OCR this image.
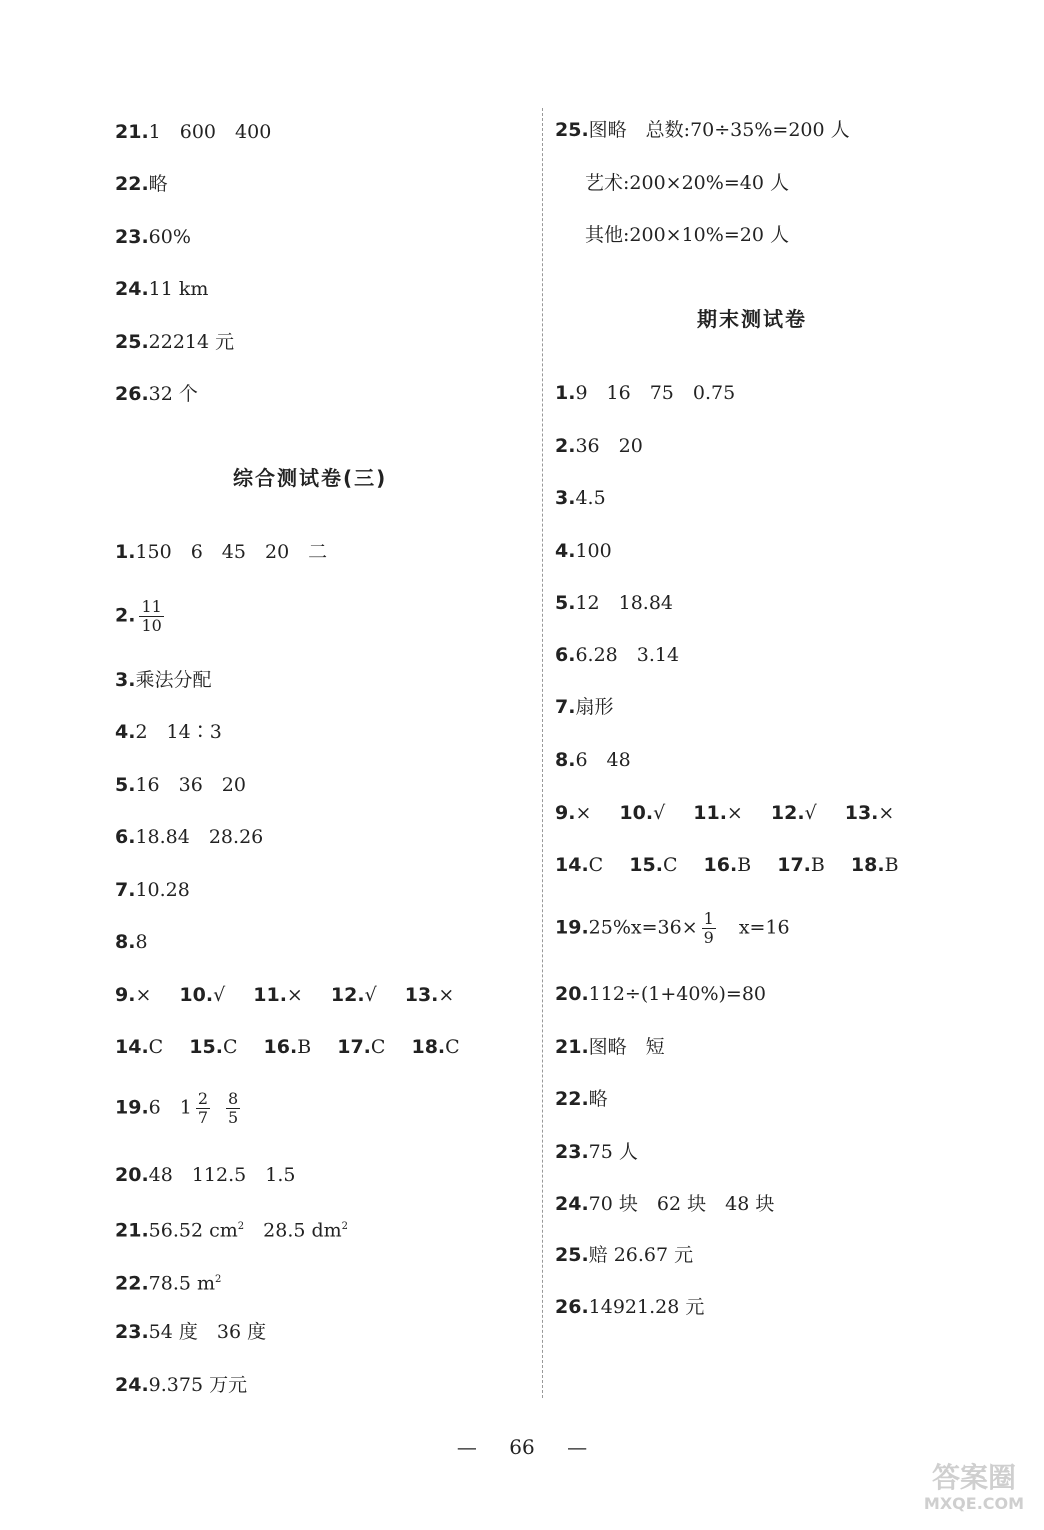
21.1　600　400
22.略
23.60%
24.11 km
25.22214 元
26.32 个
综合测试卷(三)
1.150　6　45　20　二
2. $\frac{11}{10}$
3.乘法分配
4.2　14∶3
5.16　36　20
6.18.84　28.26
7.10.28
8.8
9.× 10.√ 11.× 12.√ 13.×
14.C 15.C 16.B 17.C 18.C
19.6　$1 \frac{2}{7} \frac{8}{5}$
20.48　112.5　1.5
21.56.52 $cm^2$　28.5 $dm^2$
22.78.5 $m^2$
23.54 度　36 度
24.9.375 万元
25.图略　总数:70÷35%=200 人
艺术:200×20%=40 人
其他:200×10%=20 人
期末测试卷
1.9　16　75　0.75
2.36　20
3.4.5
4.100
5.12　18.84
6.6.28　3.14
7.扇形
8.6　48
9.× 10.√ 11.× 12.√ 13.×
14.C 15.C 16.B 17.B 18.B
$19.25\%x=36\times \frac{1}{9}$ 　x=16
20.112÷(1+40%)=80
21.图略　短
22.略
23.75 人
24.70 块　62 块　48 块
25.赔 26.67 元
26.14921.28 元
— 66 —
答案圈
MXQE.COM
